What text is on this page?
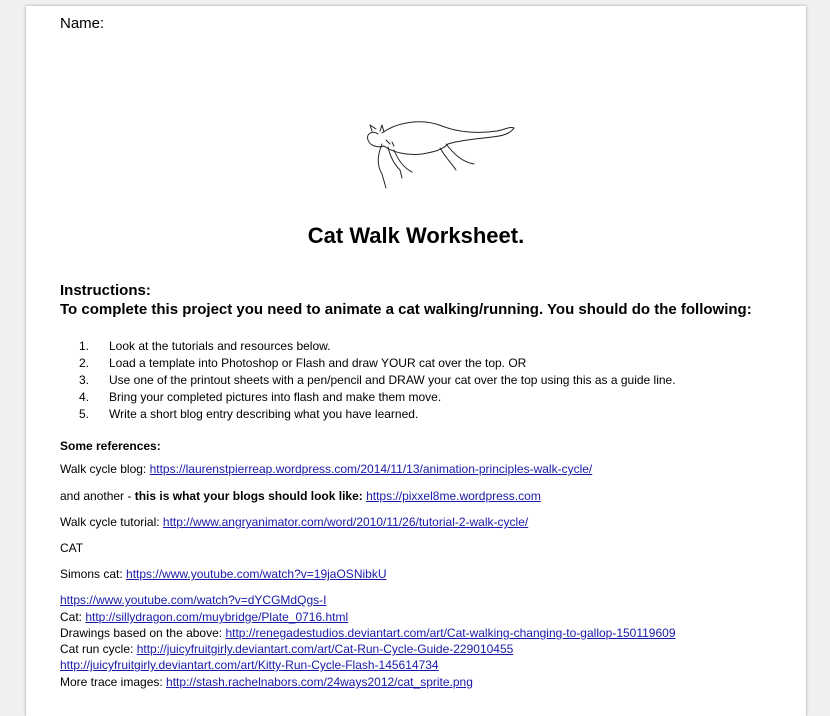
Name:
Cat Walk Worksheet.
Instructions:
To complete this project you need to animate a cat walking/running. You should do the following:
1. Look at the tutorials and resources below.
2. Load a template into Photoshop or Flash and draw YOUR cat over the top. OR
3. Use one of the printout sheets with a pen/pencil and DRAW your cat over the top using this as a guide line.
4. Bring your completed pictures into flash and make them move.
5. Write a short blog entry describing what you have learned.
Some references:
Walk cycle blog: https://laurenstpierreap.wordpress.com/2014/11/13/animation-principles-walk-cycle/
and another - this is what your blogs should look like: https://pixxel8me.wordpress.com
Walk cycle tutorial: http://www.angryanimator.com/word/2010/11/26/tutorial-2-walk-cycle/
CAT
Simons cat: https://www.youtube.com/watch?v=19jaOSNibkU
https://www.youtube.com/watch?v=dYCGMdQgs-I
Cat: http://sillydragon.com/muybridge/Plate_0716.html
Drawings based on the above: http://renegadestudios.deviantart.com/art/Cat-walking-changing-to-gallop-150119609
Cat run cycle: http://juicyfruitgirly.deviantart.com/art/Cat-Run-Cycle-Guide-229010455
http://juicyfruitgirly.deviantart.com/art/Kitty-Run-Cycle-Flash-145614734
More trace images: http://stash.rachelnabors.com/24ways2012/cat_sprite.png
